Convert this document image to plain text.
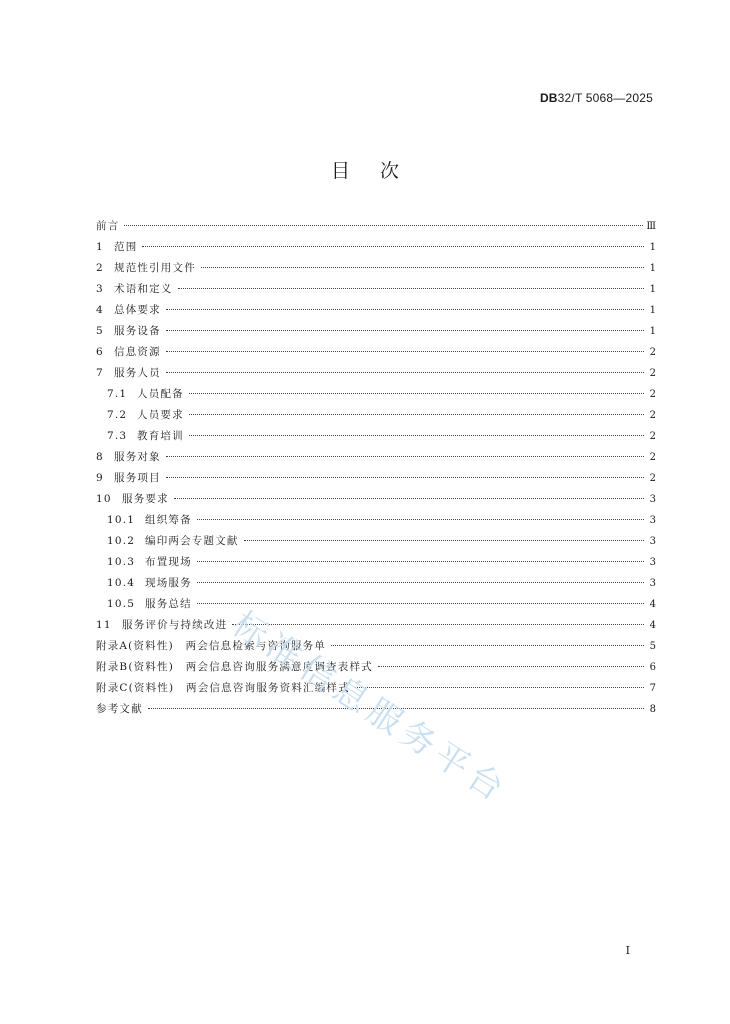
DB32/T 5068—2025
目次
前言	Ⅲ
1 范围	1
2 规范性引用文件	1
3 术语和定义	1
4 总体要求	1
5 服务设备	1
6 信息资源	2
7 服务人员	2
7.1 人员配备	2
7.2 人员要求	2
7.3 教育培训	2
8 服务对象	2
9 服务项目	2
10 服务要求	3
10.1 组织筹备	3
10.2 编印两会专题文献	3
10.3 布置现场	3
10.4 现场服务	3
10.5 服务总结	4
11 服务评价与持续改进	4
附录A(资料性)　两会信息检索与咨询服务单	5
附录B(资料性)　两会信息咨询服务满意度调查表样式	6
附录C(资料性)　两会信息咨询服务资料汇编样式	7
参考文献	8
标
准
信
息
服
务
平
台
I
